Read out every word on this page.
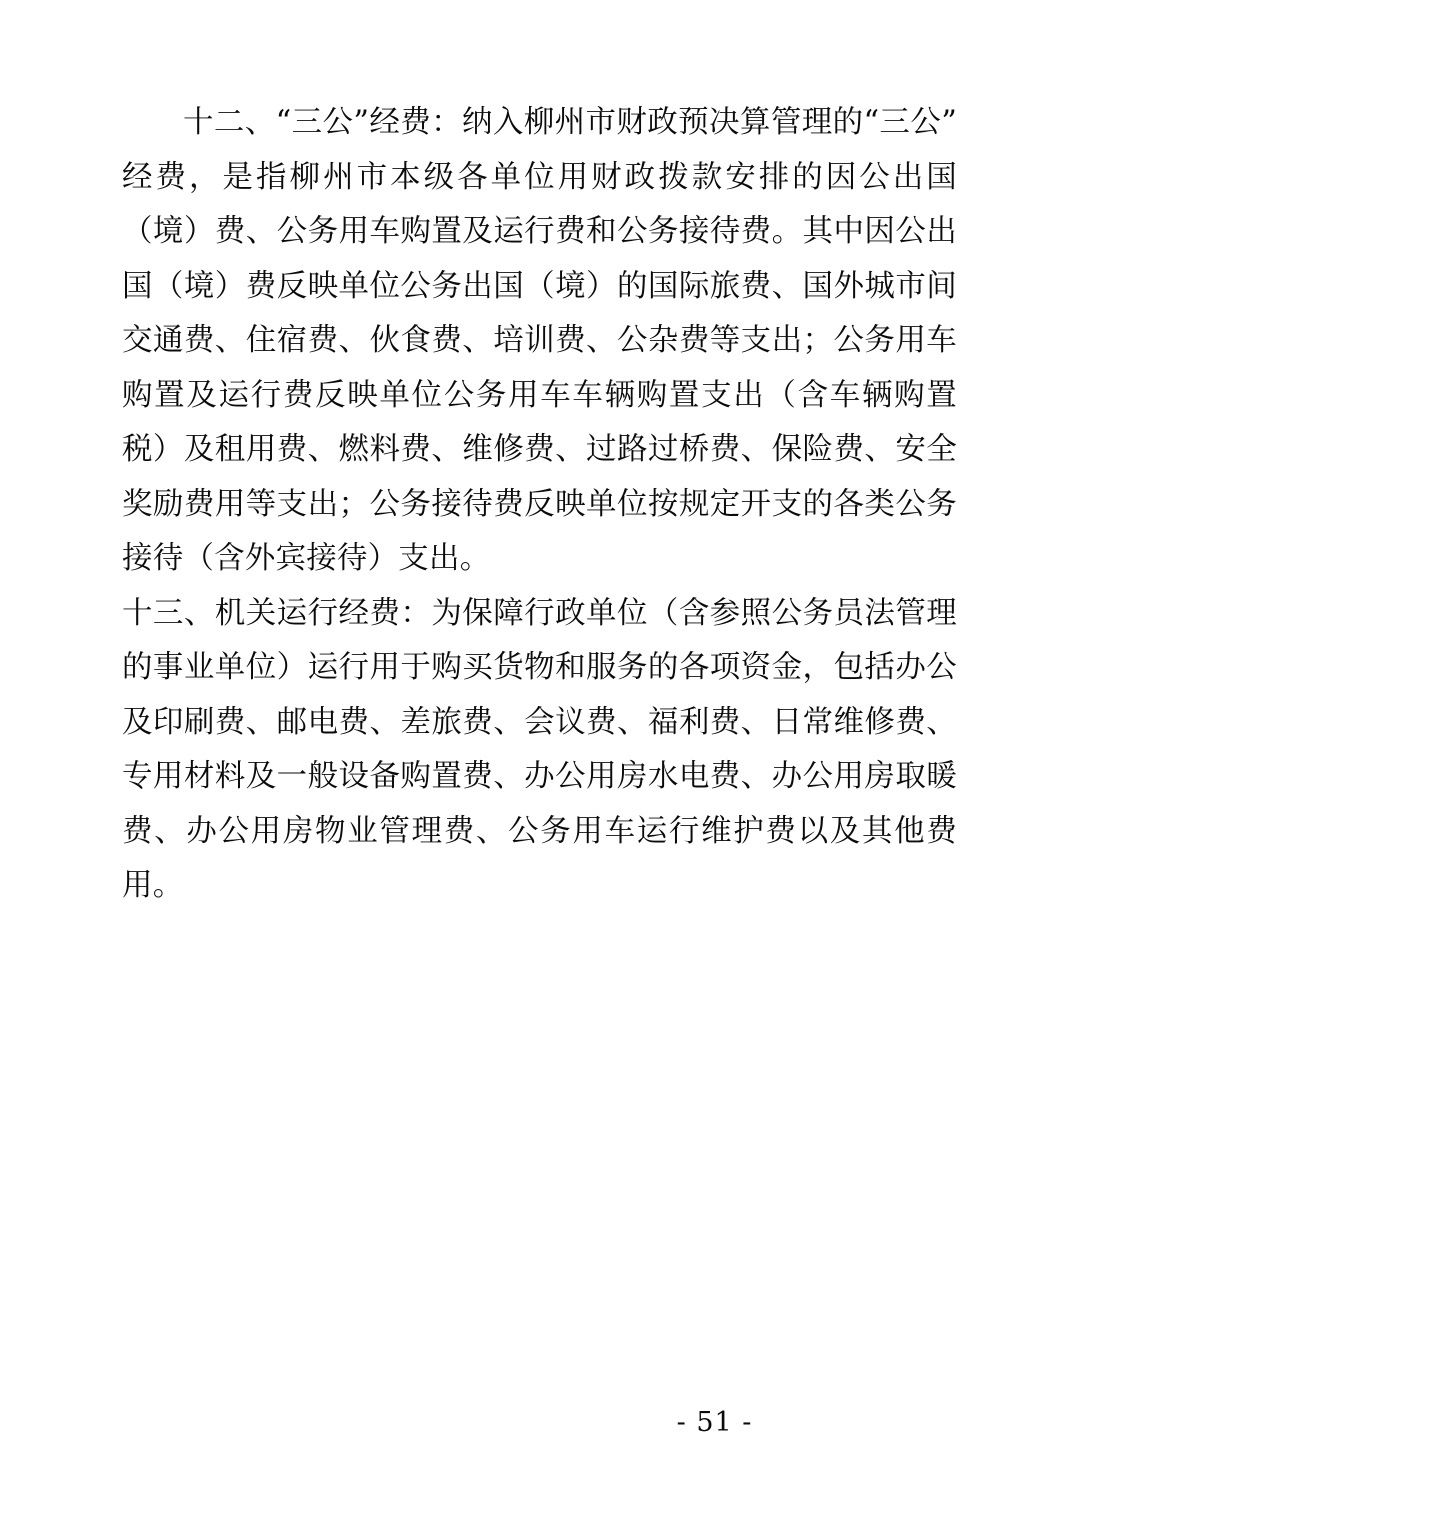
十二、“三公”经费：纳入柳州市财政预决算管理的“三公”经费，是指柳州市本级各单位用财政拨款安排的因公出国（境）费、公务用车购置及运行费和公务接待费。其中因公出国（境）费反映单位公务出国（境）的国际旅费、国外城市间交通费、住宿费、伙食费、培训费、公杂费等支出；公务用车购置及运行费反映单位公务用车车辆购置支出（含车辆购置税）及租用费、燃料费、维修费、过路过桥费、保险费、安全奖励费用等支出；公务接待费反映单位按规定开支的各类公务接待（含外宾接待）支出。

十三、机关运行经费：为保障行政单位（含参照公务员法管理的事业单位）运行用于购买货物和服务的各项资金，包括办公及印刷费、邮电费、差旅费、会议费、福利费、日常维修费、专用材料及一般设备购置费、办公用房水电费、办公用房取暖费、办公用房物业管理费、公务用车运行维护费以及其他费用。

- 51 -
